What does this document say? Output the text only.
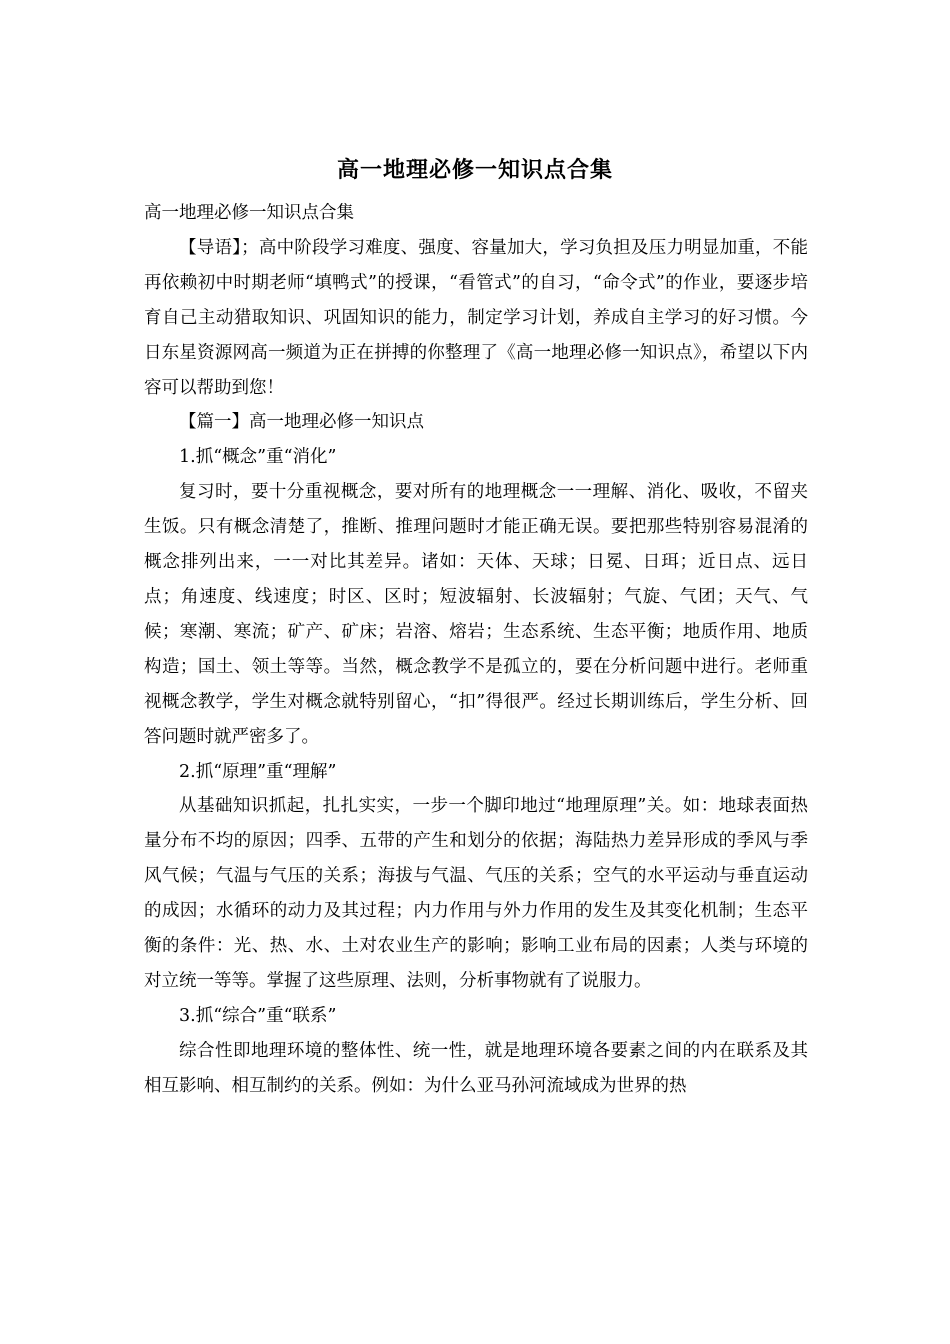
高一地理必修一知识点合集

高一地理必修一知识点合集

【导语】；高中阶段学习难度、强度、容量加大，学习负担及压力明显加重，不能再依赖初中时期老师“填鸭式”的授课，“看管式”的自习，“命令式”的作业，要逐步培育自己主动猎取知识、巩固知识的能力，制定学习计划，养成自主学习的好习惯。今日东星资源网高一频道为正在拼搏的你整理了《高一地理必修一知识点》，希望以下内容可以帮助到您！

【篇一】高一地理必修一知识点

1.抓“概念”重“消化”

复习时，要十分重视概念，要对所有的地理概念一一理解、消化、吸收，不留夹生饭。只有概念清楚了，推断、推理问题时才能正确无误。要把那些特别容易混淆的概念排列出来，一一对比其差异。诸如：天体、天球；日冕、日珥；近日点、远日点；角速度、线速度；时区、区时；短波辐射、长波辐射；气旋、气团；天气、气候；寒潮、寒流；矿产、矿床；岩溶、熔岩；生态系统、生态平衡；地质作用、地质构造；国土、领土等等。当然，概念教学不是孤立的，要在分析问题中进行。老师重视概念教学，学生对概念就特别留心，“扣”得很严。经过长期训练后，学生分析、回答问题时就严密多了。

2.抓“原理”重“理解”

从基础知识抓起，扎扎实实，一步一个脚印地过“地理原理”关。如：地球表面热量分布不均的原因；四季、五带的产生和划分的依据；海陆热力差异形成的季风与季风气候；气温与气压的关系；海拔与气温、气压的关系；空气的水平运动与垂直运动的成因；水循环的动力及其过程；内力作用与外力作用的发生及其变化机制；生态平衡的条件：光、热、水、土对农业生产的影响；影响工业布局的因素；人类与环境的对立统一等等。掌握了这些原理、法则，分析事物就有了说服力。

3.抓“综合”重“联系”

综合性即地理环境的整体性、统一性，就是地理环境各要素之间的内在联系及其相互影响、相互制约的关系。例如：为什么亚马孙河流域成为世界的热
